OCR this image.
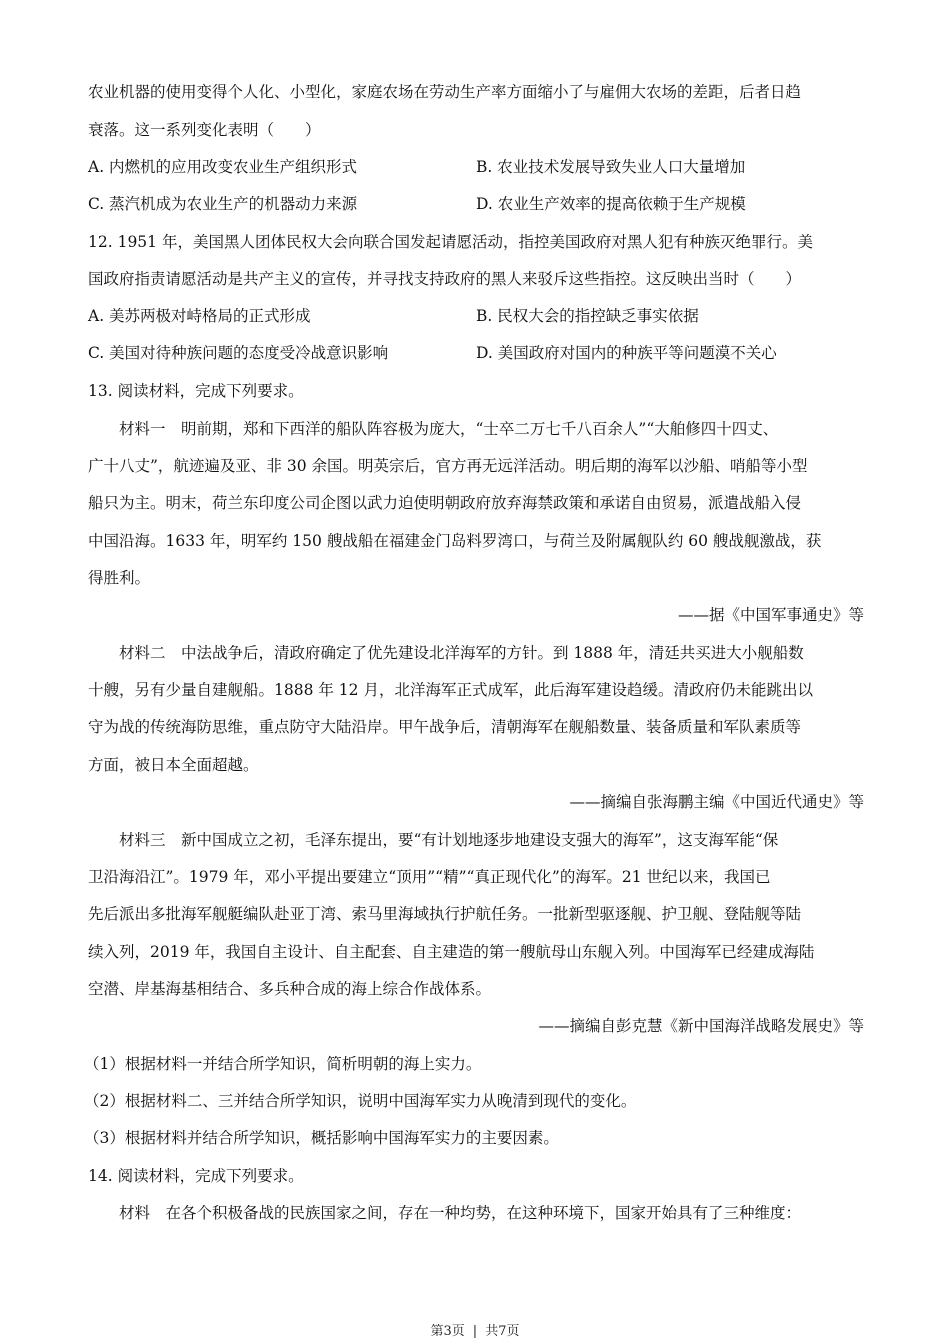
农业机器的使用变得个人化、小型化，家庭农场在劳动生产率方面缩小了与雇佣大农场的差距，后者日趋
衰落。这一系列变化表明（　　）
A. 内燃机的应用改变农业生产组织形式	B. 农业技术发展导致失业人口大量增加
C. 蒸汽机成为农业生产的机器动力来源	D. 农业生产效率的提高依赖于生产规模
12. 1951 年，美国黑人团体民权大会向联合国发起请愿活动，指控美国政府对黑人犯有种族灭绝罪行。美
国政府指责请愿活动是共产主义的宣传，并寻找支持政府的黑人来驳斥这些指控。这反映出当时（　　）
A. 美苏两极对峙格局的正式形成	B. 民权大会的指控缺乏事实依据
C. 美国对待种族问题的态度受冷战意识影响	D. 美国政府对国内的种族平等问题漠不关心
13. 阅读材料，完成下列要求。
　　材料一　明前期，郑和下西洋的船队阵容极为庞大，“士卒二万七千八百余人”“大舶修四十四丈、
广十八丈”，航迹遍及亚、非 30 余国。明英宗后，官方再无远洋活动。明后期的海军以沙船、哨船等小型
船只为主。明末，荷兰东印度公司企图以武力迫使明朝政府放弃海禁政策和承诺自由贸易，派遣战船入侵
中国沿海。1633 年，明军约 150 艘战船在福建金门岛料罗湾口，与荷兰及附属舰队约 60 艘战舰激战，获
得胜利。
——据《中国军事通史》等
　　材料二　中法战争后，清政府确定了优先建设北洋海军的方针。到 1888 年，清廷共买进大小舰船数
十艘，另有少量自建舰船。1888 年 12 月，北洋海军正式成军，此后海军建设趋缓。清政府仍未能跳出以
守为战的传统海防思维，重点防守大陆沿岸。甲午战争后，清朝海军在舰船数量、装备质量和军队素质等
方面，被日本全面超越。
——摘编自张海鹏主编《中国近代通史》等
　　材料三　新中国成立之初，毛泽东提出，要“有计划地逐步地建设支强大的海军”，这支海军能“保
卫沿海沿江”。1979 年，邓小平提出要建立“顶用”“精”“真正现代化”的海军。21 世纪以来，我国已
先后派出多批海军舰艇编队赴亚丁湾、索马里海域执行护航任务。一批新型驱逐舰、护卫舰、登陆舰等陆
续入列，2019 年，我国自主设计、自主配套、自主建造的第一艘航母山东舰入列。中国海军已经建成海陆
空潜、岸基海基相结合、多兵种合成的海上综合作战体系。
——摘编自彭克慧《新中国海洋战略发展史》等
（1）根据材料一并结合所学知识，简析明朝的海上实力。
（2）根据材料二、三并结合所学知识，说明中国海军实力从晚清到现代的变化。
（3）根据材料并结合所学知识，概括影响中国海军实力的主要因素。
14. 阅读材料，完成下列要求。
　　材料　在各个积极备战的民族国家之间，存在一种均势，在这种环境下，国家开始具有了三种维度：
第3页 | 共7页
